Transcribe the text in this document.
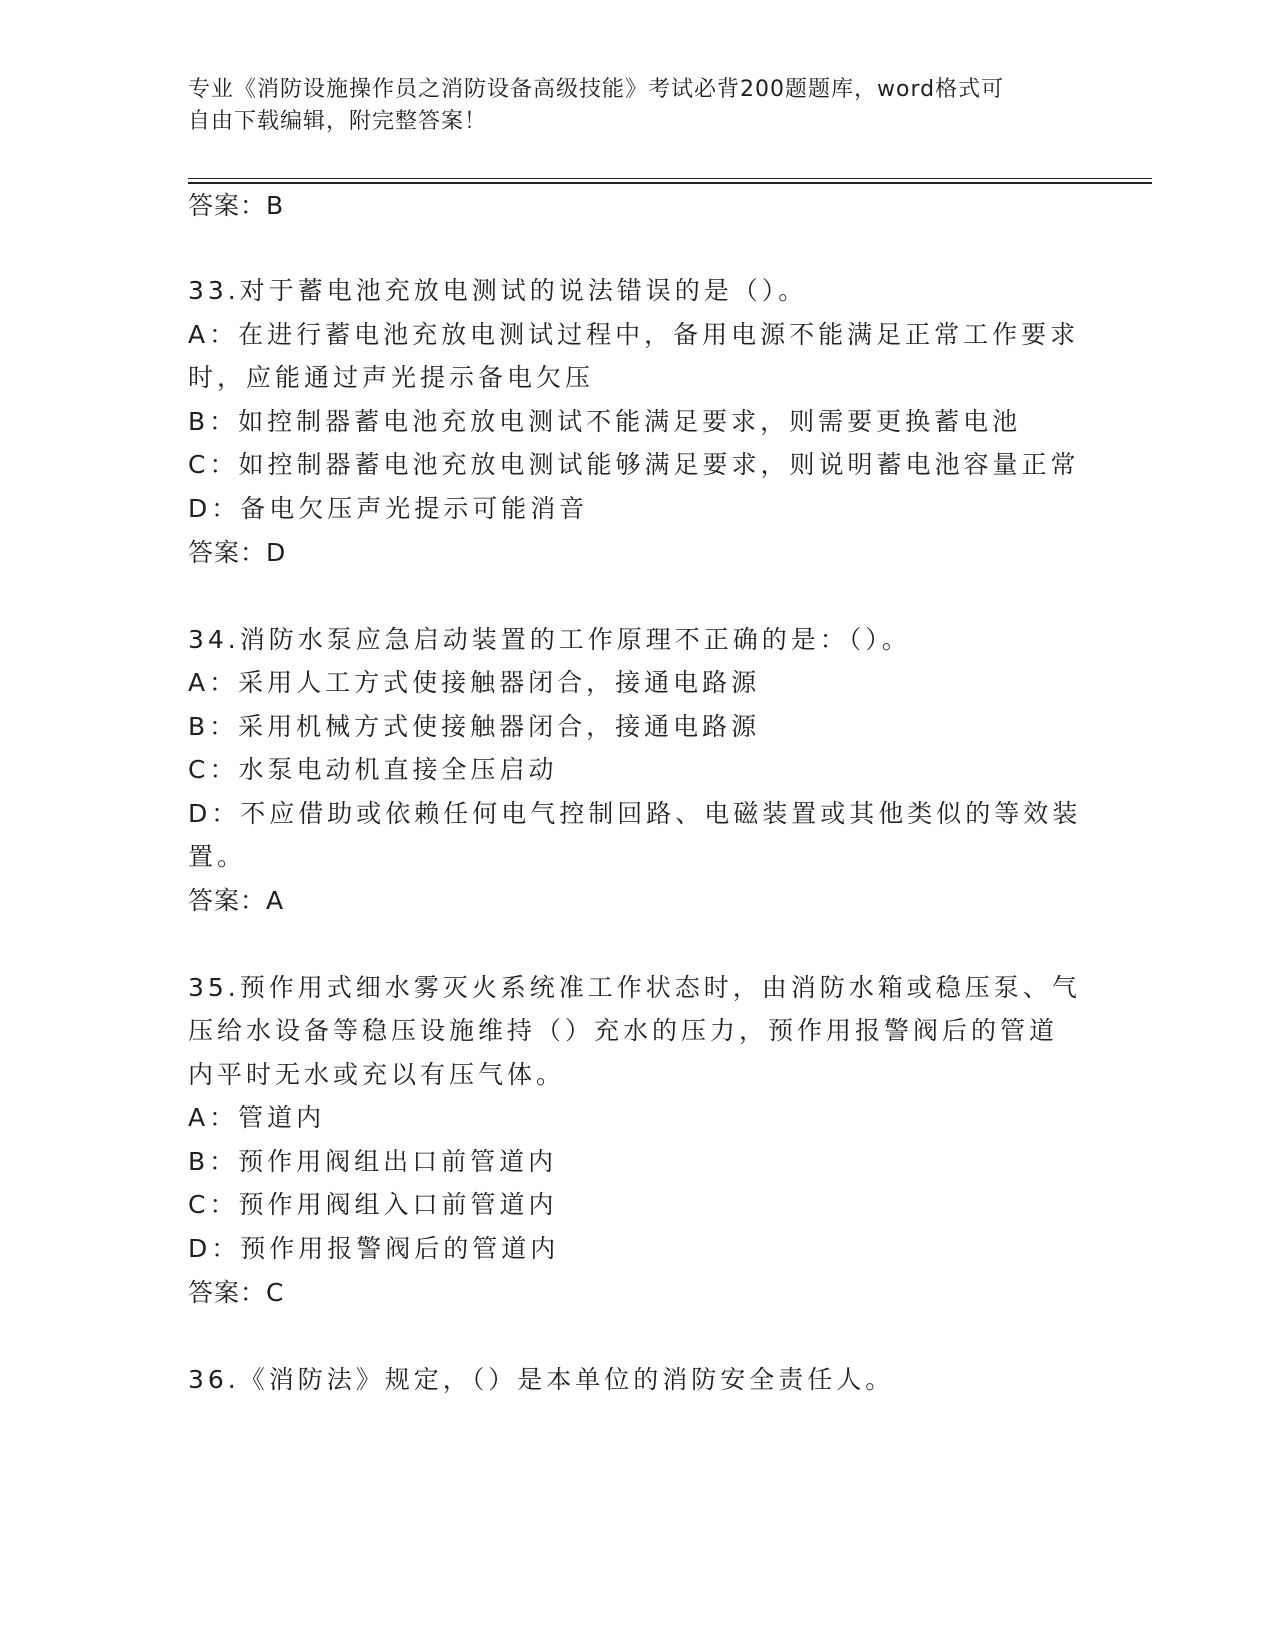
专业《消防设施操作员之消防设备高级技能》考试必背200题题库，word格式可
自由下载编辑，附完整答案！
答案：B
33.对于蓄电池充放电测试的说法错误的是（）。
A：在进行蓄电池充放电测试过程中，备用电源不能满足正常工作要求
时，应能通过声光提示备电欠压
B：如控制器蓄电池充放电测试不能满足要求，则需要更换蓄电池
C：如控制器蓄电池充放电测试能够满足要求，则说明蓄电池容量正常
D：备电欠压声光提示可能消音
答案：D
34.消防水泵应急启动装置的工作原理不正确的是：（）。
A：采用人工方式使接触器闭合，接通电路源
B：采用机械方式使接触器闭合，接通电路源
C：水泵电动机直接全压启动
D：不应借助或依赖任何电气控制回路、电磁装置或其他类似的等效装
置。
答案：A
35.预作用式细水雾灭火系统准工作状态时，由消防水箱或稳压泵、气
压给水设备等稳压设施维持（）充水的压力，预作用报警阀后的管道
内平时无水或充以有压气体。
A：管道内
B：预作用阀组出口前管道内
C：预作用阀组入口前管道内
D：预作用报警阀后的管道内
答案：C
36.《消防法》规定，（）是本单位的消防安全责任人。
